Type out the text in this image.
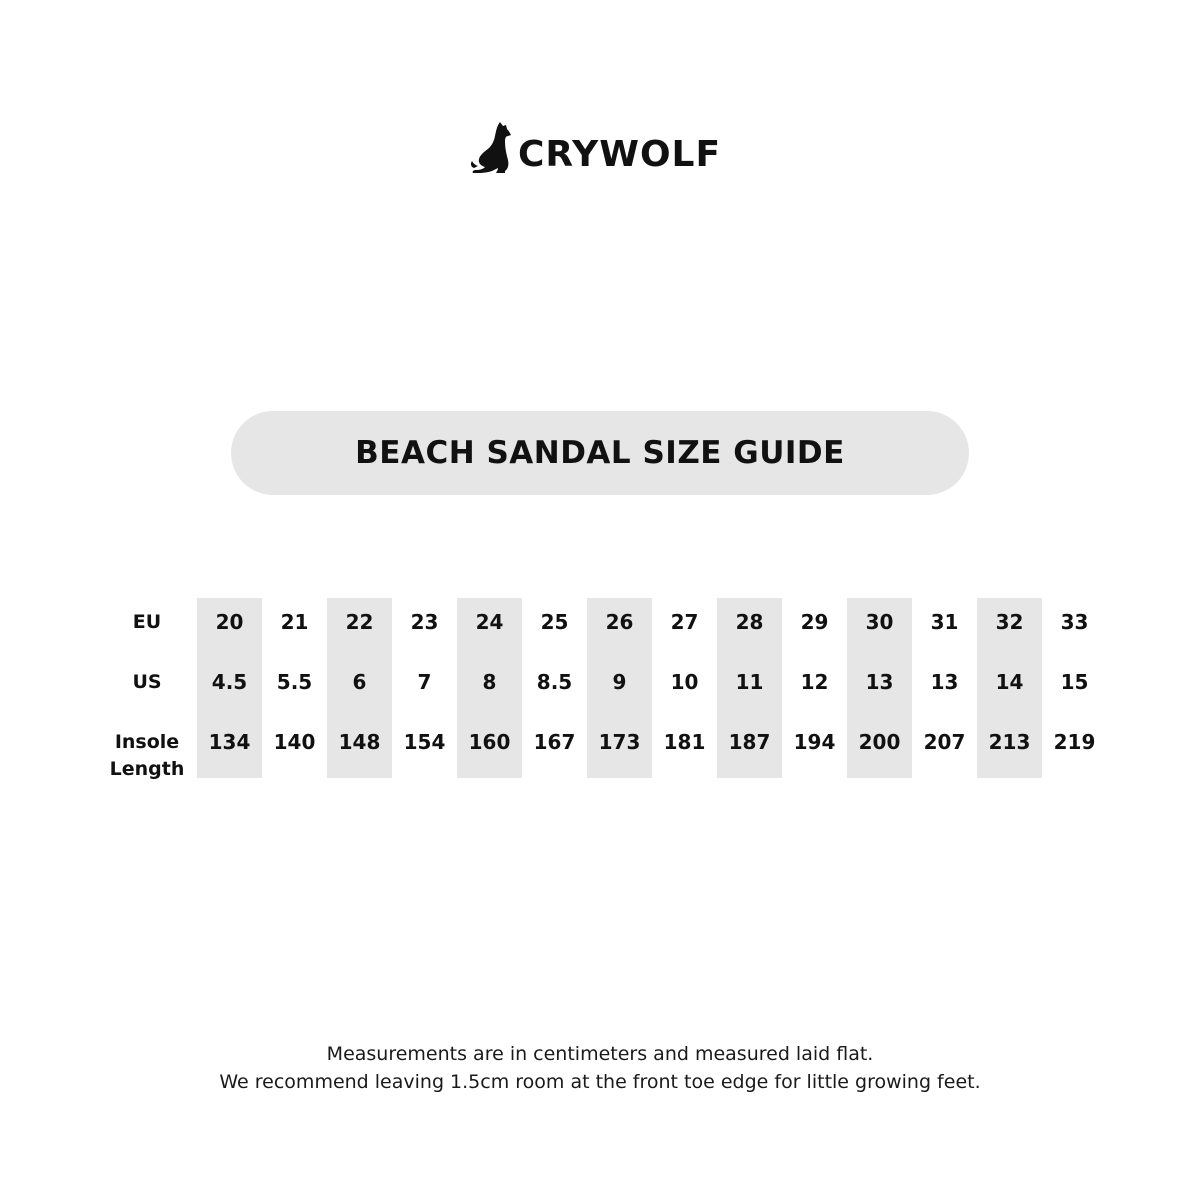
CRYWOLF
BEACH SANDAL SIZE GUIDE
EU
US
Insole Length
20
4.5
134
21
5.5
140
22
6
148
23
7
154
24
8
160
25
8.5
167
26
9
173
27
10
181
28
11
187
29
12
194
30
13
200
31
13
207
32
14
213
33
15
219
Measurements are in centimeters and measured laid flat.
We recommend leaving 1.5cm room at the front toe edge for little growing feet.
